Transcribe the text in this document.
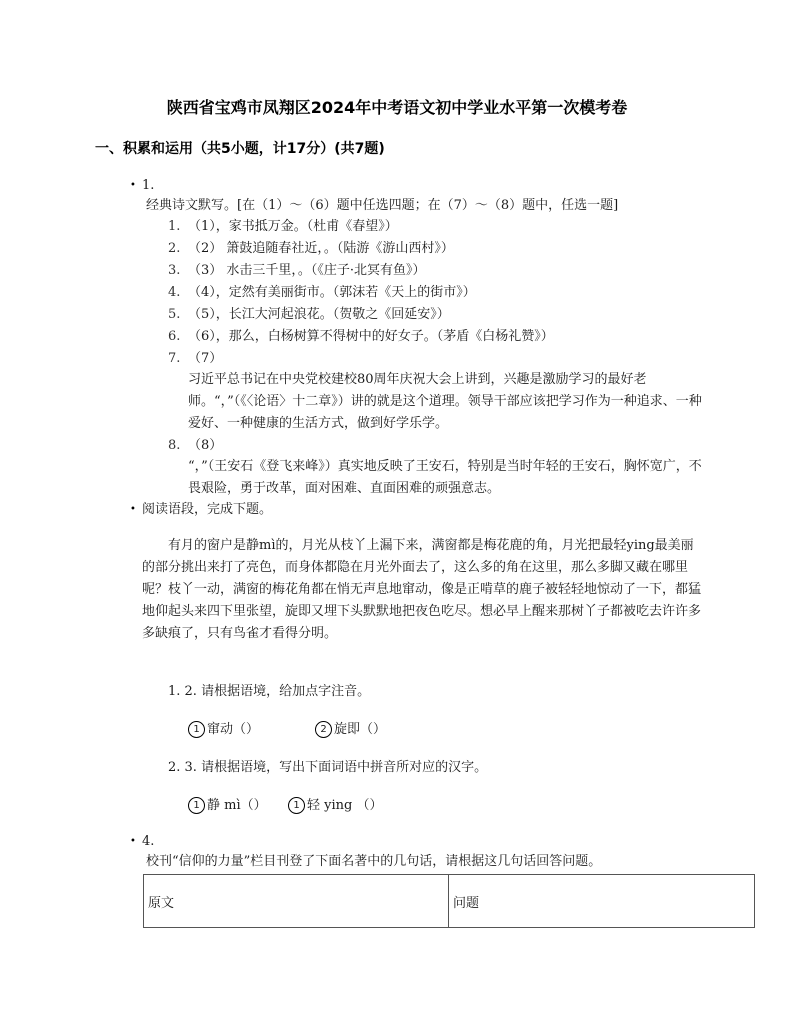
陕西省宝鸡市凤翔区2024年中考语文初中学业水平第一次模考卷
一、积累和运用（共5小题，计17分）(共7题)
• 1.
经典诗文默写。[在（1）～（6）题中任选四题；在（7）～（8）题中，任选一题]
1. （1），家书抵万金。（杜甫《春望》）
2. （2） 箫鼓追随春社近，。（陆游《游山西村》）
3. （3） 水击三千里，。（《庄子·北冥有鱼》）
4. （4），定然有美丽街市。（郭沫若《天上的街市》）
5. （5），长江大河起浪花。（贺敬之《回延安》）
6. （6），那么，白杨树算不得树中的好女子。（茅盾《白杨礼赞》）
7. （7）
习近平总书记在中央党校建校80周年庆祝大会上讲到，兴趣是激励学习的最好老师。“，”（《〈论语〉十二章》）讲的就是这个道理。领导干部应该把学习作为一种追求、一种爱好、一种健康的生活方式，做到好学乐学。
8. （8）
“，”（王安石《登飞来峰》）真实地反映了王安石，特别是当时年轻的王安石，胸怀宽广，不畏艰险，勇于改革，面对困难、直面困难的顽强意志。
• 阅读语段，完成下题。
有月的窗户是静mì的，月光从枝丫上漏下来，满窗都是梅花鹿的角，月光把最轻ying最美丽的部分挑出来打了亮色，而身体都隐在月光外面去了，这么多的角在这里，那么多脚又藏在哪里呢？枝丫一动，满窗的梅花角都在悄无声息地窜动，像是正啃草的鹿子被轻轻地惊动了一下，都猛地仰起头来四下里张望，旋即又埋下头默默地把夜色吃尽。想必早上醒来那树丫子都被吃去许许多多缺痕了，只有鸟雀才看得分明。
1. 2. 请根据语境，给加点字注音。
1 窜动（）	2 旋即（）
2. 3. 请根据语境，写出下面词语中拼音所对应的汉字。
1 静 mì（）	1 轻 ying （）
• 4.
校刊“信仰的力量”栏目刊登了下面名著中的几句话，请根据这几句话回答问题。
原文	问题
